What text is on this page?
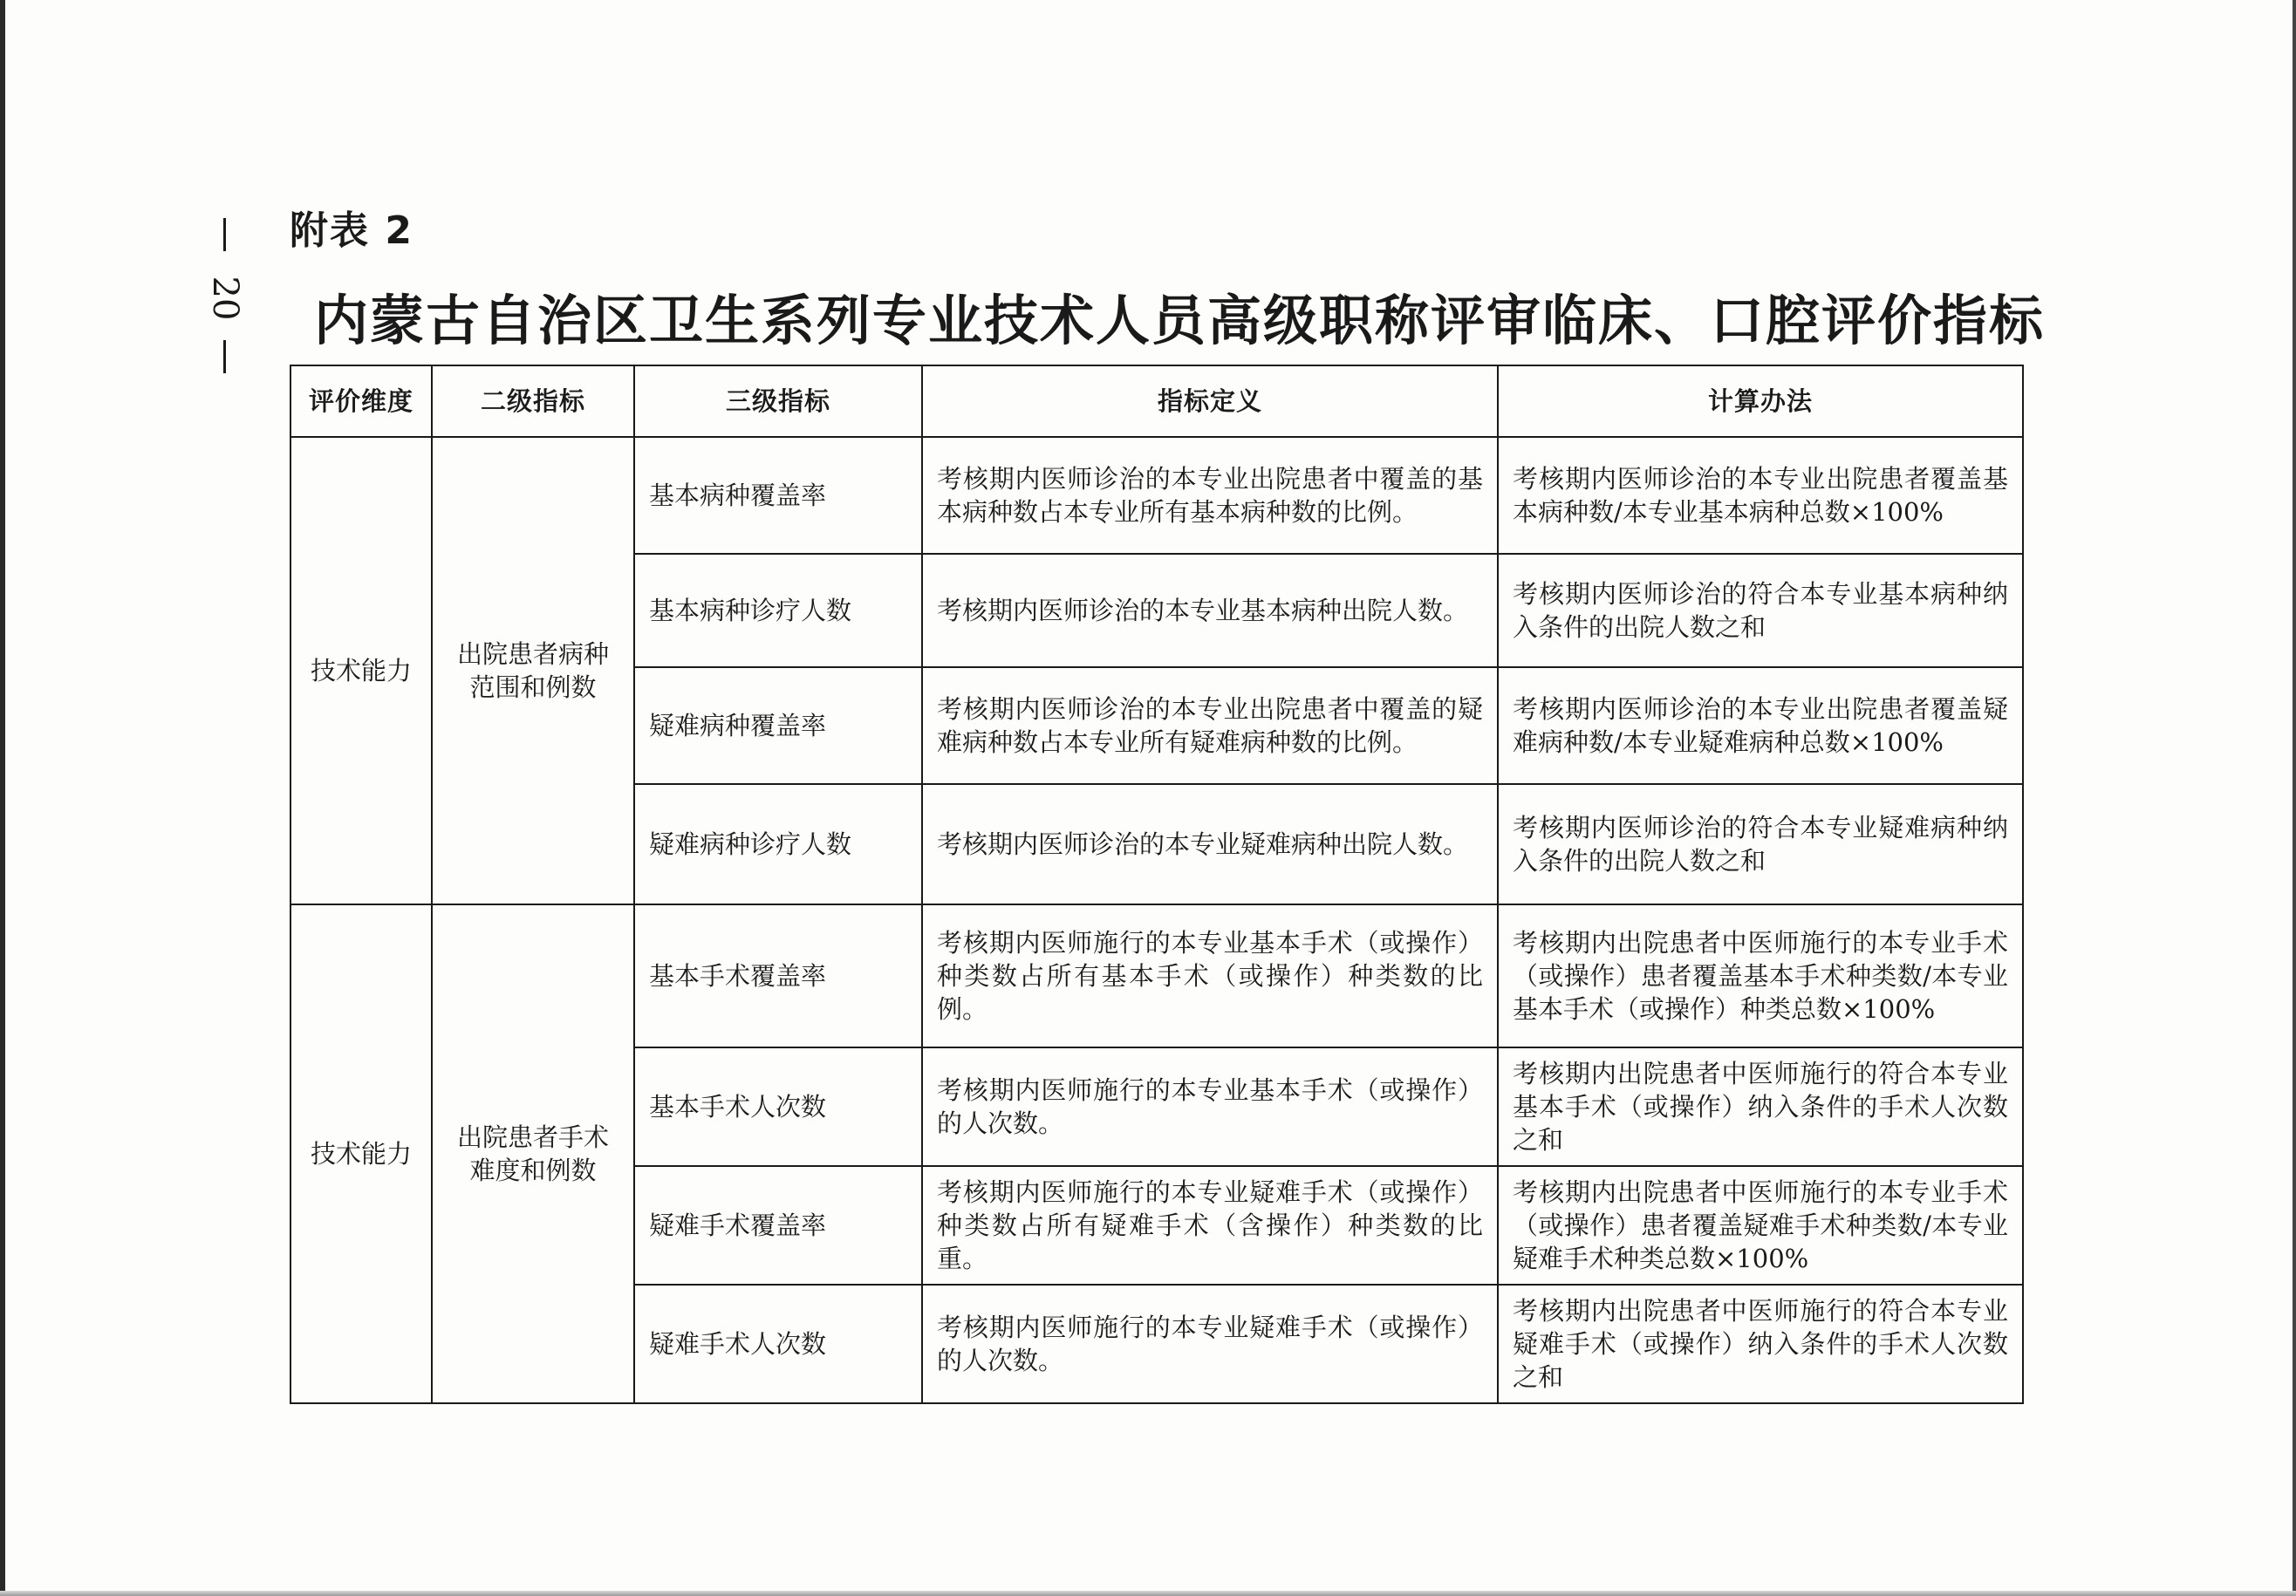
20
附表 2
内蒙古自治区卫生系列专业技术人员高级职称评审临床、口腔评价指标
评价维度	二级指标	三级指标	指标定义	计算办法
技术能力	出院患者病种范围和例数	基本病种覆盖率	考核期内医师诊治的本专业出院患者中覆盖的基本病种数占本专业所有基本病种数的比例。	考核期内医师诊治的本专业出院患者覆盖基本病种数/本专业基本病种总数×100%
		基本病种诊疗人数	考核期内医师诊治的本专业基本病种出院人数。	考核期内医师诊治的符合本专业基本病种纳入条件的出院人数之和
		疑难病种覆盖率	考核期内医师诊治的本专业出院患者中覆盖的疑难病种数占本专业所有疑难病种数的比例。	考核期内医师诊治的本专业出院患者覆盖疑难病种数/本专业疑难病种总数×100%
		疑难病种诊疗人数	考核期内医师诊治的本专业疑难病种出院人数。	考核期内医师诊治的符合本专业疑难病种纳入条件的出院人数之和
技术能力	出院患者手术难度和例数	基本手术覆盖率	考核期内医师施行的本专业基本手术（或操作）种类数占所有基本手术（或操作）种类数的比例。	考核期内出院患者中医师施行的本专业手术（或操作）患者覆盖基本手术种类数/本专业基本手术（或操作）种类总数×100%
		基本手术人次数	考核期内医师施行的本专业基本手术（或操作）的人次数。	考核期内出院患者中医师施行的符合本专业基本手术（或操作）纳入条件的手术人次数之和
		疑难手术覆盖率	考核期内医师施行的本专业疑难手术（或操作）种类数占所有疑难手术（含操作）种类数的比重。	考核期内出院患者中医师施行的本专业手术（或操作）患者覆盖疑难手术种类数/本专业疑难手术种类总数×100%
		疑难手术人次数	考核期内医师施行的本专业疑难手术（或操作）的人次数。	考核期内出院患者中医师施行的符合本专业疑难手术（或操作）纳入条件的手术人次数之和
